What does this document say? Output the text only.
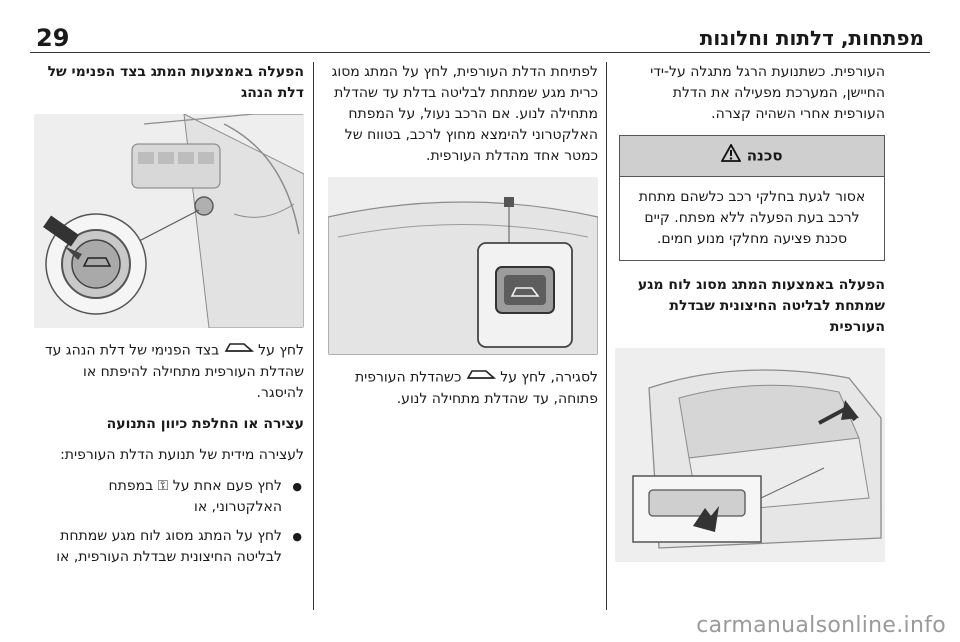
29	מפתחות, דלתות וחלונות

הפעלה באמצעות המתג בצד הפנימי של דלת הנהג

לחץ על  בצד הפנימי של דלת הנהג עד שהדלת העורפית מתחילה להיפתח או להיסגר.

עצירה או החלפת כיוון התנועה

לעצירה מידית של תנועת הדלת העורפית:

● לחץ פעם אחת על ⚿ במפתח האלקטרוני, או
● לחץ על המתג מסוג לוח מגע שמתחת לבליטה החיצונית שבדלת העורפית, או

לפתיחת הדלת העורפית, לחץ על המתג מסוג כרית מגע שמתחת לבליטה בדלת עד שהדלת מתחילה לנוע. אם הרכב נעול, על המפתח האלקטרוני להימצא מחוץ לרכב, בטווח של כמטר אחד מהדלת העורפית.

לסגירה, לחץ על  כשהדלת העורפית פתוחה, עד שהדלת מתחילה לנוע.

העורפית. כשתנועת הרגל מתגלה על-ידי החיישן, המערכת מפעילה את הדלת העורפית אחרי השהיה קצרה.

סכנה
אסור לגעת בחלקי רכב כלשהם מתחת לרכב בעת הפעלה ללא מפתח. קיים סכנת פציעה מחלקי מנוע חמים.

הפעלה באמצעות המתג מסוג לוח מגע שמתחת לבליטה החיצונית שבדלת העורפית

carmanualsonline.info
